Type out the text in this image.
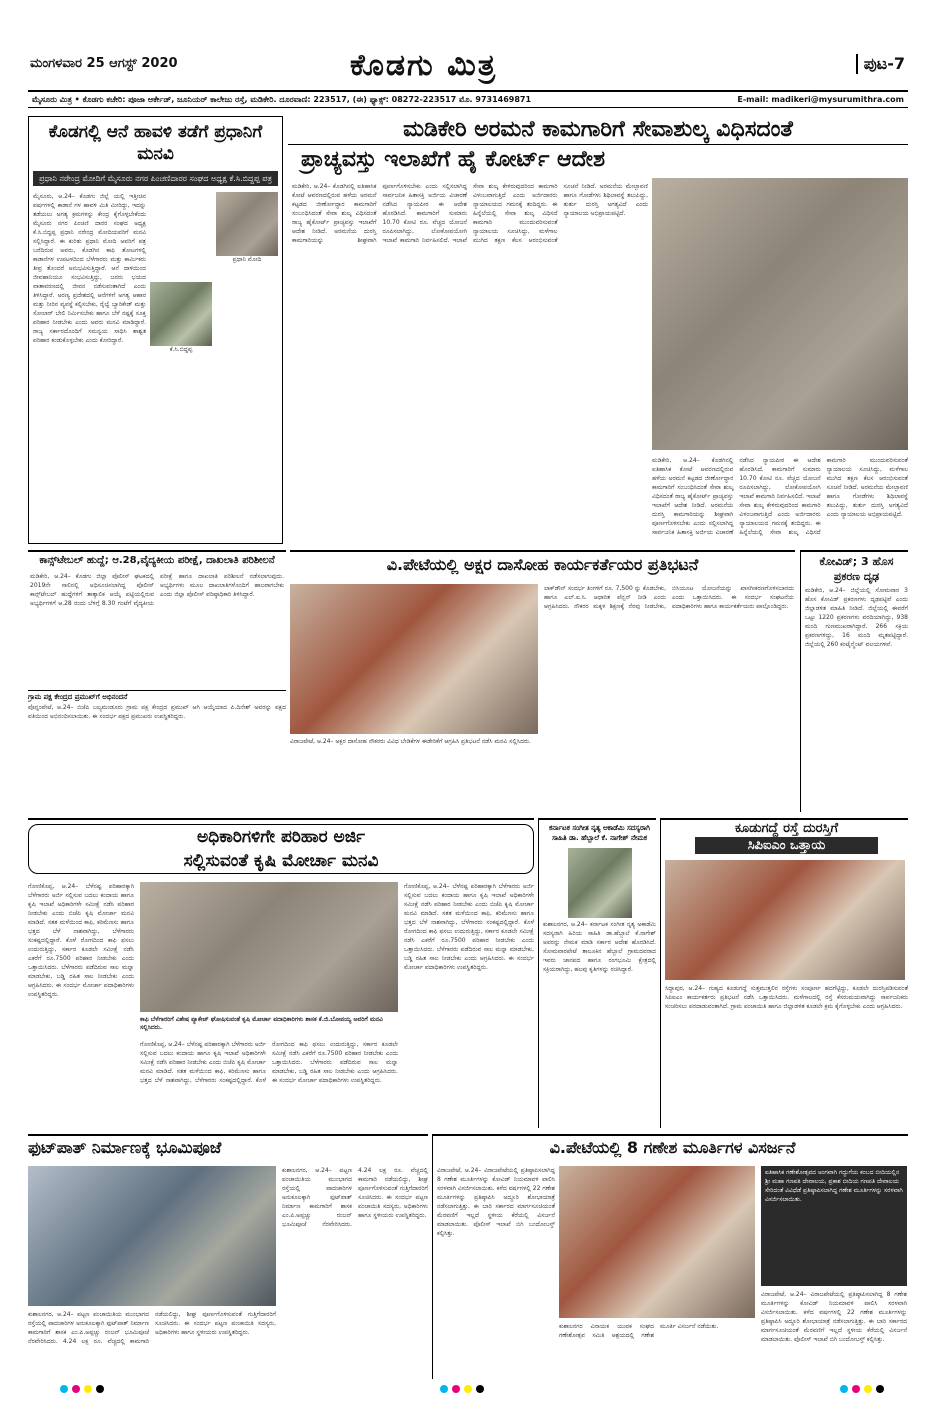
ಮಂಗಳವಾರ 25 ಆಗಸ್ಟ್ 2020	ಕೊಡಗು ಮಿತ್ರ	ಪುಟ-7
ಮೈಸೂರು ಮಿತ್ರ • ಕೊಡಗು ಕಚೇರಿ: ಪೂಜಾ ಆರ್ಕೇಡ್, ಜೂನಿಯರ್ ಕಾಲೇಜು ರಸ್ತೆ, ಮಡಿಕೇರಿ. ದೂರವಾಣಿ: 223517, (ಈ) ಫ್ಯಾಕ್ಸ್: 08272-223517 ಮೊ. 9731469871	E-mail: madikeri@mysurumithra.com
ಕೊಡಗಲ್ಲಿ ಆನೆ ಹಾವಳಿ ತಡೆಗೆ ಪ್ರಧಾನಿಗೆ ಮನವಿ
ಪ್ರಧಾನಿ ನರೇಂದ್ರ ಮೋದಿಗೆ ಮೈಸೂರು ನಗರ ಪಿಂಚಣಿದಾರರ ಸಂಘದ ಅಧ್ಯಕ್ಷ ಕೆ.ಸಿ.ಬಿದ್ದಪ್ಪ ಪತ್ರ
ಪ್ರಧಾನಿ ಮೋದಿ
ಕೆ.ಸಿ.ಬಿದ್ದಪ್ಪ

ಮೈಸೂರು, ಆ.24– ಕೊಡಗು ಜಿಲ್ಲೆ ಯಲ್ಲಿ ಇತ್ತೀಚಿನ ವರ್ಷಗಳಲ್ಲಿ ಕಾಡಾನೆ ಗಳ ಹಾವಳಿ ಮಿತಿ ಮೀರಿದ್ದು, ಇದನ್ನು ತಡೆಯಲು ಅಗತ್ಯ ಕ್ರಮಗಳನ್ನು ಕೇಂದ್ರ ಕೈಗೊಳ್ಳಬೇಕೆಂದು ಮೈಸೂರು ನಗರ ಪಿಂಚಣಿ ದಾರರ ಸಂಘದ ಅಧ್ಯಕ್ಷ ಕೆ.ಸಿ.ಬಿದ್ದಪ್ಪ ಪ್ರಧಾನಿ ನರೇಂದ್ರ ಮೋದಿಯವರಿಗೆ ಮನವಿ ಸಲ್ಲಿಸಿದ್ದಾರೆ. ಈ ಕುರಿತು ಪ್ರಧಾನಿ ಮೋದಿ ಅವರಿಗೆ ಪತ್ರ ಬರೆದಿರುವ ಅವರು, ಕೊಡಗಿನ ಕಾಫಿ ತೋಟಗಳಲ್ಲಿ ಕಾಡಾನೆಗಳ ಉಪಟಳದಿಂದ ಬೆಳೆಗಾರರು ಮತ್ತು ಕಾರ್ಮಿಕರು ತೀವ್ರ ತೊಂದರೆ ಅನುಭವಿಸುತ್ತಿದ್ದಾರೆ. ಆನೆ ದಾಳಿಯಿಂದ ಜೀವಹಾನಿಯೂ ಸಂಭವಿಸುತ್ತಿದ್ದು, ಜನರು ಭಯದ ವಾತಾವರಣದಲ್ಲಿ ಜೀವನ ನಡೆಸುವಂತಾಗಿದೆ ಎಂದು ತಿಳಿಸಿದ್ದಾರೆ. ಅರಣ್ಯ ಪ್ರದೇಶದಲ್ಲಿ ಆನೆಗಳಿಗೆ ಅಗತ್ಯ ಆಹಾರ ಮತ್ತು ನೀರಿನ ವ್ಯವಸ್ಥೆ ಕಲ್ಪಿಸಬೇಕು, ರೈಲ್ವೆ ಬ್ಯಾರಿಕೇಡ್ ಮತ್ತು ಸೋಲಾರ್ ಬೇಲಿ ನಿರ್ಮಿಸಬೇಕು ಹಾಗೂ ಬೆಳೆ ನಷ್ಟಕ್ಕೆ ಸೂಕ್ತ ಪರಿಹಾರ ನೀಡಬೇಕು ಎಂದು ಅವರು ಮನವಿ ಮಾಡಿದ್ದಾರೆ. ರಾಜ್ಯ ಸರ್ಕಾರದೊಂದಿಗೆ ಸಮನ್ವಯ ಸಾಧಿಸಿ ಶಾಶ್ವತ ಪರಿಹಾರ ಕಂಡುಕೊಳ್ಳಬೇಕು ಎಂದು ಕೋರಿದ್ದಾರೆ.

ಮಡಿಕೇರಿ ಅರಮನೆ ಕಾಮಗಾರಿಗೆ ಸೇವಾಶುಲ್ಕ ವಿಧಿಸದಂತೆ
ಪ್ರಾಚ್ಯವಸ್ತು ಇಲಾಖೆಗೆ ಹೈ ಕೋರ್ಟ್ ಆದೇಶ

ಮಡಿಕೇರಿ, ಆ.24– ಕೊಡಗಿನಲ್ಲಿ ಐತಿಹಾಸಿಕ ಕೋಟೆ ಆವರಣದಲ್ಲಿರುವ ಹಳೆಯ ಅರಮನೆ ಕಟ್ಟಡದ ಜೀರ್ಣೋದ್ಧಾರ ಕಾಮಗಾರಿಗೆ ಸಂಬಂಧಿಸಿದಂತೆ ಸೇವಾ ಶುಲ್ಕ ವಿಧಿಸದಂತೆ ರಾಜ್ಯ ಹೈಕೋರ್ಟ್ ಪ್ರಾಚ್ಯವಸ್ತು ಇಲಾಖೆಗೆ ಆದೇಶ ನೀಡಿದೆ. ಅರಮನೆಯ ದುರಸ್ತಿ ಕಾಮಗಾರಿಯನ್ನು ಶೀಘ್ರವಾಗಿ ಪೂರ್ಣಗೊಳಿಸಬೇಕು ಎಂದು ಸಲ್ಲಿಸಲಾಗಿದ್ದ ಸಾರ್ವಜನಿಕ ಹಿತಾಸಕ್ತಿ ಅರ್ಜಿಯ ವಿಚಾರಣೆ ನಡೆಸಿದ ನ್ಯಾಯಪೀಠ ಈ ಆದೇಶ ಹೊರಡಿಸಿದೆ. ಕಾಮಗಾರಿಗೆ ಸುಮಾರು 10.70 ಕೋಟಿ ರೂ. ವೆಚ್ಚದ ಯೋಜನೆ ರೂಪಿಸಲಾಗಿದ್ದು, ಲೋಕೋಪಯೋಗಿ ಇಲಾಖೆ ಕಾಮಗಾರಿ ನಿರ್ವಹಿಸಲಿದೆ. ಇಲಾಖೆ ಸೇವಾ ಶುಲ್ಕ ಕೇಳಿರುವುದರಿಂದ ಕಾಮಗಾರಿ ವಿಳಂಬವಾಗುತ್ತಿದೆ ಎಂದು ಅರ್ಜಿದಾರರು ನ್ಯಾಯಾಲಯದ ಗಮನಕ್ಕೆ ತಂದಿದ್ದರು. ಈ ಹಿನ್ನೆಲೆಯಲ್ಲಿ ಸೇವಾ ಶುಲ್ಕ ವಿಧಿಸದೆ ಕಾಮಗಾರಿ ಮುಂದುವರಿಸುವಂತೆ ನ್ಯಾಯಾಲಯ ಸೂಚಿಸಿದ್ದು, ಮಳೆಗಾಲ ಮುಗಿದ ತಕ್ಷಣ ಕೆಲಸ ಆರಂಭಿಸುವಂತೆ ಸೂಚನೆ ನೀಡಿದೆ. ಅರಮನೆಯ ಮೇಲ್ಛಾವಣಿ ಹಾಗೂ ಗೋಡೆಗಳು ಶಿಥಿಲಾವಸ್ಥೆ ತಲುಪಿದ್ದು, ತುರ್ತು ದುರಸ್ತಿ ಅಗತ್ಯವಿದೆ ಎಂದು ನ್ಯಾಯಾಲಯ ಅಭಿಪ್ರಾಯಪಟ್ಟಿದೆ.

ಮಡಿಕೇರಿ, ಆ.24– ಕೊಡಗಿನಲ್ಲಿ ಐತಿಹಾಸಿಕ ಕೋಟೆ ಆವರಣದಲ್ಲಿರುವ ಹಳೆಯ ಅರಮನೆ ಕಟ್ಟಡದ ಜೀರ್ಣೋದ್ಧಾರ ಕಾಮಗಾರಿಗೆ ಸಂಬಂಧಿಸಿದಂತೆ ಸೇವಾ ಶುಲ್ಕ ವಿಧಿಸದಂತೆ ರಾಜ್ಯ ಹೈಕೋರ್ಟ್ ಪ್ರಾಚ್ಯವಸ್ತು ಇಲಾಖೆಗೆ ಆದೇಶ ನೀಡಿದೆ. ಅರಮನೆಯ ದುರಸ್ತಿ ಕಾಮಗಾರಿಯನ್ನು ಶೀಘ್ರವಾಗಿ ಪೂರ್ಣಗೊಳಿಸಬೇಕು ಎಂದು ಸಲ್ಲಿಸಲಾಗಿದ್ದ ಸಾರ್ವಜನಿಕ ಹಿತಾಸಕ್ತಿ ಅರ್ಜಿಯ ವಿಚಾರಣೆ ನಡೆಸಿದ ನ್ಯಾಯಪೀಠ ಈ ಆದೇಶ ಹೊರಡಿಸಿದೆ. ಕಾಮಗಾರಿಗೆ ಸುಮಾರು 10.70 ಕೋಟಿ ರೂ. ವೆಚ್ಚದ ಯೋಜನೆ ರೂಪಿಸಲಾಗಿದ್ದು, ಲೋಕೋಪಯೋಗಿ ಇಲಾಖೆ ಕಾಮಗಾರಿ ನಿರ್ವಹಿಸಲಿದೆ. ಇಲಾಖೆ ಸೇವಾ ಶುಲ್ಕ ಕೇಳಿರುವುದರಿಂದ ಕಾಮಗಾರಿ ವಿಳಂಬವಾಗುತ್ತಿದೆ ಎಂದು ಅರ್ಜಿದಾರರು ನ್ಯಾಯಾಲಯದ ಗಮನಕ್ಕೆ ತಂದಿದ್ದರು. ಈ ಹಿನ್ನೆಲೆಯಲ್ಲಿ ಸೇವಾ ಶುಲ್ಕ ವಿಧಿಸದೆ ಕಾಮಗಾರಿ ಮುಂದುವರಿಸುವಂತೆ ನ್ಯಾಯಾಲಯ ಸೂಚಿಸಿದ್ದು, ಮಳೆಗಾಲ ಮುಗಿದ ತಕ್ಷಣ ಕೆಲಸ ಆರಂಭಿಸುವಂತೆ ಸೂಚನೆ ನೀಡಿದೆ. ಅರಮನೆಯ ಮೇಲ್ಛಾವಣಿ ಹಾಗೂ ಗೋಡೆಗಳು ಶಿಥಿಲಾವಸ್ಥೆ ತಲುಪಿದ್ದು, ತುರ್ತು ದುರಸ್ತಿ ಅಗತ್ಯವಿದೆ ಎಂದು ನ್ಯಾಯಾಲಯ ಅಭಿಪ್ರಾಯಪಟ್ಟಿದೆ.

ಕಾನ್ಸ್‌ಟೇಬಲ್ ಹುದ್ದೆ; ಆ.28,ವೈದ್ಯಕೀಯ ಪರೀಕ್ಷೆ, ದಾಖಲಾತಿ ಪರಿಶೀಲನೆ

ಮಡಿಕೇರಿ, ಆ.24– ಕೊಡಗು ಜಿಲ್ಲಾ ಪೊಲೀಸ್ ಘಟಕದಲ್ಲಿ 2019ನೇ ಸಾಲಿನಲ್ಲಿ ಅಧಿಸೂಚಿಸಲಾಗಿದ್ದ ಪೊಲೀಸ್ ಕಾನ್ಸ್‌ಟೇಬಲ್ ಹುದ್ದೆಗಳಿಗೆ ತಾತ್ಕಾಲಿಕ ಆಯ್ಕೆ ಪಟ್ಟಿಯಲ್ಲಿರುವ ಅಭ್ಯರ್ಥಿಗಳಿಗೆ ಆ.28 ರಂದು ಬೆಳಿಗ್ಗೆ 8.30 ಗಂಟೆಗೆ ವೈದ್ಯಕೀಯ ಪರೀಕ್ಷೆ ಹಾಗೂ ದಾಖಲಾತಿ ಪರಿಶೀಲನೆ ನಡೆಸಲಾಗುವುದು. ಅಭ್ಯರ್ಥಿಗಳು ಮೂಲ ದಾಖಲಾತಿಗಳೊಂದಿಗೆ ಹಾಜರಾಗಬೇಕು ಎಂದು ಜಿಲ್ಲಾ ಪೊಲೀಸ್ ವರಿಷ್ಠಾಧಿಕಾರಿ ತಿಳಿಸಿದ್ದಾರೆ.

ಗ್ರಾಮ ಪಕ್ಷ ಕೇಂದ್ರದ ಪ್ರಮುಖ್‌ಗೆ ಅಭಿನಂದನೆ

ಪೊನ್ನಂಪೇಟೆ, ಆ.24– ಬಿಜೆಪಿ ಬಲ್ಯಮಂಡೂರು ಗ್ರಾಮ ಪಕ್ಷ ಕೇಂದ್ರದ ಪ್ರಮುಖ್ ಆಗಿ ಆಯ್ಕೆಯಾದ ಪಿ.ದಿನೇಶ್ ಅವರನ್ನು ಪಕ್ಷದ ವತಿಯಿಂದ ಅಭಿನಂದಿಸಲಾಯಿತು. ಈ ಸಂದರ್ಭ ಪಕ್ಷದ ಪ್ರಮುಖರು ಉಪಸ್ಥಿತರಿದ್ದರು.

ವಿ.ಪೇಟೆಯಲ್ಲಿ ಅಕ್ಷರ ದಾಸೋಹ ಕಾರ್ಯಕರ್ತೆಯರ ಪ್ರತಿಭಟನೆ
ವಿರಾಜಪೇಟೆ, ಆ.24– ಅಕ್ಷರ ದಾಸೋಹ ನೌಕರರು ವಿವಿಧ ಬೇಡಿಕೆಗಳ ಈಡೇರಿಕೆಗೆ ಆಗ್ರಹಿಸಿ ಪ್ರತಿಭಟನೆ ನಡೆಸಿ ಮನವಿ ಸಲ್ಲಿಸಿದರು.

ಲಾಕ್‌ಡೌನ್ ಸಂದರ್ಭ ತಿಂಗಳಿಗೆ ರೂ. 7,500 ನ್ನು ಕೊಡಬೇಕು, ಹಾಗೂ ಎಲ್.ಐ.ಸಿ. ಆಧಾರಿತ ಪೆನ್ಷನ್ ನೀಡಿ ಎಂದು ಆಗ್ರಹಿಸಿದರು. ನೌಕರರ ಮಕ್ಕಳ ಶಿಕ್ಷಣಕ್ಕೆ ನೆರವು ನೀಡಬೇಕು, ಬಿಸಿಯೂಟ ಯೋಜನೆಯನ್ನು ಖಾಸಗೀಕರಣಗೊಳಿಸಬಾರದು ಎಂದು ಒತ್ತಾಯಿಸಿದರು. ಈ ಸಂದರ್ಭ ಸಂಘಟನೆಯ ಪದಾಧಿಕಾರಿಗಳು ಹಾಗೂ ಕಾರ್ಯಕರ್ತೆಯರು ಪಾಲ್ಗೊಂಡಿದ್ದರು.

ಕೋವಿಡ್; 3 ಹೊಸ ಪ್ರಕರಣ ದೃಢ

ಮಡಿಕೇರಿ, ಆ.24– ಜಿಲ್ಲೆಯಲ್ಲಿ ಸೋಮವಾರ 3 ಹೊಸ ಕೋವಿಡ್ ಪ್ರಕರಣಗಳು ದೃಢಪಟ್ಟಿವೆ ಎಂದು ಜಿಲ್ಲಾಡಳಿತ ಮಾಹಿತಿ ನೀಡಿದೆ. ಜಿಲ್ಲೆಯಲ್ಲಿ ಈವರೆಗೆ ಒಟ್ಟು 1220 ಪ್ರಕರಣಗಳು ವರದಿಯಾಗಿದ್ದು, 938 ಮಂದಿ ಗುಣಮುಖರಾಗಿದ್ದಾರೆ. 266 ಸಕ್ರಿಯ ಪ್ರಕರಣಗಳಿದ್ದು, 16 ಮಂದಿ ಮೃತಪಟ್ಟಿದ್ದಾರೆ. ಜಿಲ್ಲೆಯಲ್ಲಿ 260 ಕಂಟೈನ್ಮೆಂಟ್ ವಲಯಗಳಿವೆ.

ಅಧಿಕಾರಿಗಳಿಗೇ ಪರಿಹಾರ ಅರ್ಜಿ
ಸಲ್ಲಿಸುವಂತೆ ಕೃಷಿ ಮೋರ್ಚಾ ಮನವಿ

ಗೋಣಿಕೊಪ್ಪ, ಆ.24– ಬೆಳೆನಷ್ಟ ಪರಿಹಾರಕ್ಕಾಗಿ ಬೆಳೆಗಾರರು ಅರ್ಜಿ ಸಲ್ಲಿಸುವ ಬದಲು ಕಂದಾಯ ಹಾಗೂ ಕೃಷಿ ಇಲಾಖೆ ಅಧಿಕಾರಿಗಳೇ ಸಮೀಕ್ಷೆ ನಡೆಸಿ ಪರಿಹಾರ ನೀಡಬೇಕು ಎಂದು ಬಿಜೆಪಿ ಕೃಷಿ ಮೋರ್ಚಾ ಮನವಿ ಮಾಡಿದೆ. ಸತತ ಮಳೆಯಿಂದ ಕಾಫಿ, ಕರಿಮೆಣಸು ಹಾಗೂ ಭತ್ತದ ಬೆಳೆ ನಾಶವಾಗಿದ್ದು, ಬೆಳೆಗಾರರು ಸಂಕಷ್ಟದಲ್ಲಿದ್ದಾರೆ. ಕೊಳೆ ರೋಗದಿಂದ ಕಾಫಿ ಫಸಲು ಉದುರುತ್ತಿದ್ದು, ಸರ್ಕಾರ ಕೂಡಲೇ ಸಮೀಕ್ಷೆ ನಡೆಸಿ ಎಕರೆಗೆ ರೂ.7500 ಪರಿಹಾರ ನೀಡಬೇಕು ಎಂದು ಒತ್ತಾಯಿಸಿದರು. ಬೆಳೆಗಾರರು ಪಡೆದಿರುವ ಸಾಲ ಮನ್ನಾ ಮಾಡಬೇಕು, ಬಡ್ಡಿ ರಹಿತ ಸಾಲ ನೀಡಬೇಕು ಎಂದು ಆಗ್ರಹಿಸಿದರು. ಈ ಸಂದರ್ಭ ಮೋರ್ಚಾ ಪದಾಧಿಕಾರಿಗಳು ಉಪಸ್ಥಿತರಿದ್ದರು.

ಕಾಫಿ ಬೆಳೆಗಾರರಿಗೆ ವಿಶೇಷ ಪ್ಯಾಕೇಜ್ ಘೋಷಿಸುವಂತೆ ಕೃಷಿ ಮೋರ್ಚಾ ಪದಾಧಿಕಾರಿಗಳು ಶಾಸಕ ಕೆ.ಜಿ.ಬೋಪಯ್ಯ ಅವರಿಗೆ ಮನವಿ ಸಲ್ಲಿಸಿದರು.

ಗೋಣಿಕೊಪ್ಪ, ಆ.24– ಬೆಳೆನಷ್ಟ ಪರಿಹಾರಕ್ಕಾಗಿ ಬೆಳೆಗಾರರು ಅರ್ಜಿ ಸಲ್ಲಿಸುವ ಬದಲು ಕಂದಾಯ ಹಾಗೂ ಕೃಷಿ ಇಲಾಖೆ ಅಧಿಕಾರಿಗಳೇ ಸಮೀಕ್ಷೆ ನಡೆಸಿ ಪರಿಹಾರ ನೀಡಬೇಕು ಎಂದು ಬಿಜೆಪಿ ಕೃಷಿ ಮೋರ್ಚಾ ಮನವಿ ಮಾಡಿದೆ. ಸತತ ಮಳೆಯಿಂದ ಕಾಫಿ, ಕರಿಮೆಣಸು ಹಾಗೂ ಭತ್ತದ ಬೆಳೆ ನಾಶವಾಗಿದ್ದು, ಬೆಳೆಗಾರರು ಸಂಕಷ್ಟದಲ್ಲಿದ್ದಾರೆ. ಕೊಳೆ ರೋಗದಿಂದ ಕಾಫಿ ಫಸಲು ಉದುರುತ್ತಿದ್ದು, ಸರ್ಕಾರ ಕೂಡಲೇ ಸಮೀಕ್ಷೆ ನಡೆಸಿ ಎಕರೆಗೆ ರೂ.7500 ಪರಿಹಾರ ನೀಡಬೇಕು ಎಂದು ಒತ್ತಾಯಿಸಿದರು. ಬೆಳೆಗಾರರು ಪಡೆದಿರುವ ಸಾಲ ಮನ್ನಾ ಮಾಡಬೇಕು, ಬಡ್ಡಿ ರಹಿತ ಸಾಲ ನೀಡಬೇಕು ಎಂದು ಆಗ್ರಹಿಸಿದರು. ಈ ಸಂದರ್ಭ ಮೋರ್ಚಾ ಪದಾಧಿಕಾರಿಗಳು ಉಪಸ್ಥಿತರಿದ್ದರು.

ಗೋಣಿಕೊಪ್ಪ, ಆ.24– ಬೆಳೆನಷ್ಟ ಪರಿಹಾರಕ್ಕಾಗಿ ಬೆಳೆಗಾರರು ಅರ್ಜಿ ಸಲ್ಲಿಸುವ ಬದಲು ಕಂದಾಯ ಹಾಗೂ ಕೃಷಿ ಇಲಾಖೆ ಅಧಿಕಾರಿಗಳೇ ಸಮೀಕ್ಷೆ ನಡೆಸಿ ಪರಿಹಾರ ನೀಡಬೇಕು ಎಂದು ಬಿಜೆಪಿ ಕೃಷಿ ಮೋರ್ಚಾ ಮನವಿ ಮಾಡಿದೆ. ಸತತ ಮಳೆಯಿಂದ ಕಾಫಿ, ಕರಿಮೆಣಸು ಹಾಗೂ ಭತ್ತದ ಬೆಳೆ ನಾಶವಾಗಿದ್ದು, ಬೆಳೆಗಾರರು ಸಂಕಷ್ಟದಲ್ಲಿದ್ದಾರೆ. ಕೊಳೆ ರೋಗದಿಂದ ಕಾಫಿ ಫಸಲು ಉದುರುತ್ತಿದ್ದು, ಸರ್ಕಾರ ಕೂಡಲೇ ಸಮೀಕ್ಷೆ ನಡೆಸಿ ಎಕರೆಗೆ ರೂ.7500 ಪರಿಹಾರ ನೀಡಬೇಕು ಎಂದು ಒತ್ತಾಯಿಸಿದರು. ಬೆಳೆಗಾರರು ಪಡೆದಿರುವ ಸಾಲ ಮನ್ನಾ ಮಾಡಬೇಕು, ಬಡ್ಡಿ ರಹಿತ ಸಾಲ ನೀಡಬೇಕು ಎಂದು ಆಗ್ರಹಿಸಿದರು. ಈ ಸಂದರ್ಭ ಮೋರ್ಚಾ ಪದಾಧಿಕಾರಿಗಳು ಉಪಸ್ಥಿತರಿದ್ದರು.

ಕರ್ನಾಟಕ ಸಂಗೀತ ನೃತ್ಯ ಅಕಾಡೆಮಿ ಸದಸ್ಯರಾಗಿ ಸಾಹಿತಿ ಡಾ. ಹೆಬ್ಬಾಲೆ ಕೆ. ನಾಗೇಶ್ ನೇಮಕ

ಕುಶಾಲನಗರ, ಆ.24– ಕರ್ನಾಟಕ ಸಂಗೀತ ನೃತ್ಯ ಅಕಾಡೆಮಿ ಸದಸ್ಯರಾಗಿ ಹಿರಿಯ ಸಾಹಿತಿ ಡಾ.ಹೆಬ್ಬಾಲೆ ಕೆ.ನಾಗೇಶ್ ಅವರನ್ನು ನೇಮಕ ಮಾಡಿ ಸರ್ಕಾರ ಆದೇಶ ಹೊರಡಿಸಿದೆ. ಸೋಮವಾರಪೇಟೆ ತಾಲೂಕಿನ ಹೆಬ್ಬಾಲೆ ಗ್ರಾಮದವರಾದ ಇವರು ಜಾನಪದ ಹಾಗೂ ರಂಗಭೂಮಿ ಕ್ಷೇತ್ರದಲ್ಲಿ ಸಕ್ರಿಯರಾಗಿದ್ದು, ಹಲವು ಕೃತಿಗಳನ್ನು ರಚಿಸಿದ್ದಾರೆ.

ಕೂಡುಗದ್ದೆ ರಸ್ತೆ ದುರಸ್ತಿಗೆ
ಸಿಪಿಐಎಂ ಒತ್ತಾಯ

ಸಿದ್ದಾಪುರ, ಆ.24– ಗುಹ್ಯದ ಕೂಡುಗದ್ದೆ ಸುತ್ತಮುತ್ತಲಿನ ರಸ್ತೆಗಳು ಸಂಪೂರ್ಣ ಹದಗೆಟ್ಟಿದ್ದು, ಕೂಡಲೇ ದುರಸ್ತಿಪಡಿಸುವಂತೆ ಸಿಪಿಐಎಂ ಕಾರ್ಯಕರ್ತರು ಪ್ರತಿಭಟನೆ ನಡೆಸಿ ಒತ್ತಾಯಿಸಿದರು. ಮಳೆಗಾಲದಲ್ಲಿ ರಸ್ತೆ ಕೆಸರುಮಯವಾಗಿದ್ದು ಸಾರ್ವಜನಿಕರು ಸಂಚರಿಸಲು ಪರದಾಡುವಂತಾಗಿದೆ. ಗ್ರಾಮ ಪಂಚಾಯಿತಿ ಹಾಗೂ ಜಿಲ್ಲಾಡಳಿತ ಕೂಡಲೇ ಕ್ರಮ ಕೈಗೊಳ್ಳಬೇಕು ಎಂದು ಆಗ್ರಹಿಸಿದರು.

ಫುಟ್‌ಪಾತ್ ನಿರ್ಮಾಣಕ್ಕೆ ಭೂಮಿಪೂಜೆ

ಕುಶಾಲನಗರ, ಆ.24– ಪಟ್ಟಣ ಪಂಚಾಯಿತಿಯ ಮುಂಭಾಗದ ರಸ್ತೆಯಲ್ಲಿ ಪಾದಚಾರಿಗಳ ಅನುಕೂಲಕ್ಕಾಗಿ ಫುಟ್‌ಪಾತ್ ನಿರ್ಮಾಣ ಕಾಮಗಾರಿಗೆ ಶಾಸಕ ಎಂ.ಪಿ.ಅಪ್ಪಚ್ಚು ರಂಜನ್ ಭೂಮಿಪೂಜೆ ನೆರವೇರಿಸಿದರು. 4.24 ಲಕ್ಷ ರೂ. ವೆಚ್ಚದಲ್ಲಿ ಕಾಮಗಾರಿ ನಡೆಯಲಿದ್ದು, ಶೀಘ್ರ ಪೂರ್ಣಗೊಳಿಸುವಂತೆ ಗುತ್ತಿಗೆದಾರರಿಗೆ ಸೂಚಿಸಿದರು. ಈ ಸಂದರ್ಭ ಪಟ್ಟಣ ಪಂಚಾಯಿತಿ ಸದಸ್ಯರು, ಅಧಿಕಾರಿಗಳು ಹಾಗೂ ಸ್ಥಳೀಯರು ಉಪಸ್ಥಿತರಿದ್ದರು.

ಕುಶಾಲನಗರ, ಆ.24– ಪಟ್ಟಣ ಪಂಚಾಯಿತಿಯ ಮುಂಭಾಗದ ರಸ್ತೆಯಲ್ಲಿ ಪಾದಚಾರಿಗಳ ಅನುಕೂಲಕ್ಕಾಗಿ ಫುಟ್‌ಪಾತ್ ನಿರ್ಮಾಣ ಕಾಮಗಾರಿಗೆ ಶಾಸಕ ಎಂ.ಪಿ.ಅಪ್ಪಚ್ಚು ರಂಜನ್ ಭೂಮಿಪೂಜೆ ನೆರವೇರಿಸಿದರು. 4.24 ಲಕ್ಷ ರೂ. ವೆಚ್ಚದಲ್ಲಿ ಕಾಮಗಾರಿ ನಡೆಯಲಿದ್ದು, ಶೀಘ್ರ ಪೂರ್ಣಗೊಳಿಸುವಂತೆ ಗುತ್ತಿಗೆದಾರರಿಗೆ ಸೂಚಿಸಿದರು. ಈ ಸಂದರ್ಭ ಪಟ್ಟಣ ಪಂಚಾಯಿತಿ ಸದಸ್ಯರು, ಅಧಿಕಾರಿಗಳು ಹಾಗೂ ಸ್ಥಳೀಯರು ಉಪಸ್ಥಿತರಿದ್ದರು.

ವಿ.ಪೇಟೆಯಲ್ಲಿ 8 ಗಣೇಶ ಮೂರ್ತಿಗಳ ವಿಸರ್ಜನೆ

ವಿರಾಜಪೇಟೆ, ಆ.24– ವಿರಾಜಪೇಟೆಯಲ್ಲಿ ಪ್ರತಿಷ್ಠಾಪಿಸಲಾಗಿದ್ದ 8 ಗಣೇಶ ಮೂರ್ತಿಗಳನ್ನು ಕೋವಿಡ್ ನಿಯಮಾವಳಿ ಪಾಲಿಸಿ ಸರಳವಾಗಿ ವಿಸರ್ಜಿಸಲಾಯಿತು. ಕಳೆದ ವರ್ಷಗಳಲ್ಲಿ 22 ಗಣೇಶ ಮೂರ್ತಿಗಳನ್ನು ಪ್ರತಿಷ್ಠಾಪಿಸಿ ಅದ್ದೂರಿ ಶೋಭಾಯಾತ್ರೆ ನಡೆಸಲಾಗುತ್ತಿತ್ತು. ಈ ಬಾರಿ ಸರ್ಕಾರದ ಮಾರ್ಗಸೂಚಿಯಂತೆ ಮೆರವಣಿಗೆ ಇಲ್ಲದೆ ಸ್ಥಳೀಯ ಕೆರೆಯಲ್ಲಿ ವಿಸರ್ಜನೆ ಮಾಡಲಾಯಿತು. ಪೊಲೀಸ್ ಇಲಾಖೆ ಬಿಗಿ ಬಂದೋಬಸ್ತ್ ಕಲ್ಪಿಸಿತ್ತು.

ಕುಶಾಲನಗರ ವಿನಾಯಕ ಯುವಕ ಸಂಘದ ಗಣೇಶೋತ್ಸವ ಸಮಿತಿ ಆಶ್ರಯದಲ್ಲಿ ಗಣೇಶ ಮೂರ್ತಿ ವಿಸರ್ಜನೆ ನಡೆಯಿತು.

ಐತಿಹಾಸಿಕ ಗಣೇಶೋತ್ಸವದ ಅಂಗವಾಗಿ ಗದ್ದುಗೆಯ ಕಂಬದ ಬೀದಿಯಲ್ಲಿನ ಶ್ರೀ ಮಹಾ ಗಣಪತಿ ದೇವಾಲಯ, ಪ್ರಕಾಶ ಬೀದಿಯ ಗಣಪತಿ ದೇವಾಲಯ ಸೇರಿದಂತೆ ವಿವಿಧೆಡೆ ಪ್ರತಿಷ್ಠಾಪಿಸಲಾಗಿದ್ದ ಗಣೇಶ ಮೂರ್ತಿಗಳನ್ನು ಸರಳವಾಗಿ ವಿಸರ್ಜಿಸಲಾಯಿತು.

ವಿರಾಜಪೇಟೆ, ಆ.24– ವಿರಾಜಪೇಟೆಯಲ್ಲಿ ಪ್ರತಿಷ್ಠಾಪಿಸಲಾಗಿದ್ದ 8 ಗಣೇಶ ಮೂರ್ತಿಗಳನ್ನು ಕೋವಿಡ್ ನಿಯಮಾವಳಿ ಪಾಲಿಸಿ ಸರಳವಾಗಿ ವಿಸರ್ಜಿಸಲಾಯಿತು. ಕಳೆದ ವರ್ಷಗಳಲ್ಲಿ 22 ಗಣೇಶ ಮೂರ್ತಿಗಳನ್ನು ಪ್ರತಿಷ್ಠಾಪಿಸಿ ಅದ್ದೂರಿ ಶೋಭಾಯಾತ್ರೆ ನಡೆಸಲಾಗುತ್ತಿತ್ತು. ಈ ಬಾರಿ ಸರ್ಕಾರದ ಮಾರ್ಗಸೂಚಿಯಂತೆ ಮೆರವಣಿಗೆ ಇಲ್ಲದೆ ಸ್ಥಳೀಯ ಕೆರೆಯಲ್ಲಿ ವಿಸರ್ಜನೆ ಮಾಡಲಾಯಿತು. ಪೊಲೀಸ್ ಇಲಾಖೆ ಬಿಗಿ ಬಂದೋಬಸ್ತ್ ಕಲ್ಪಿಸಿತ್ತು.
